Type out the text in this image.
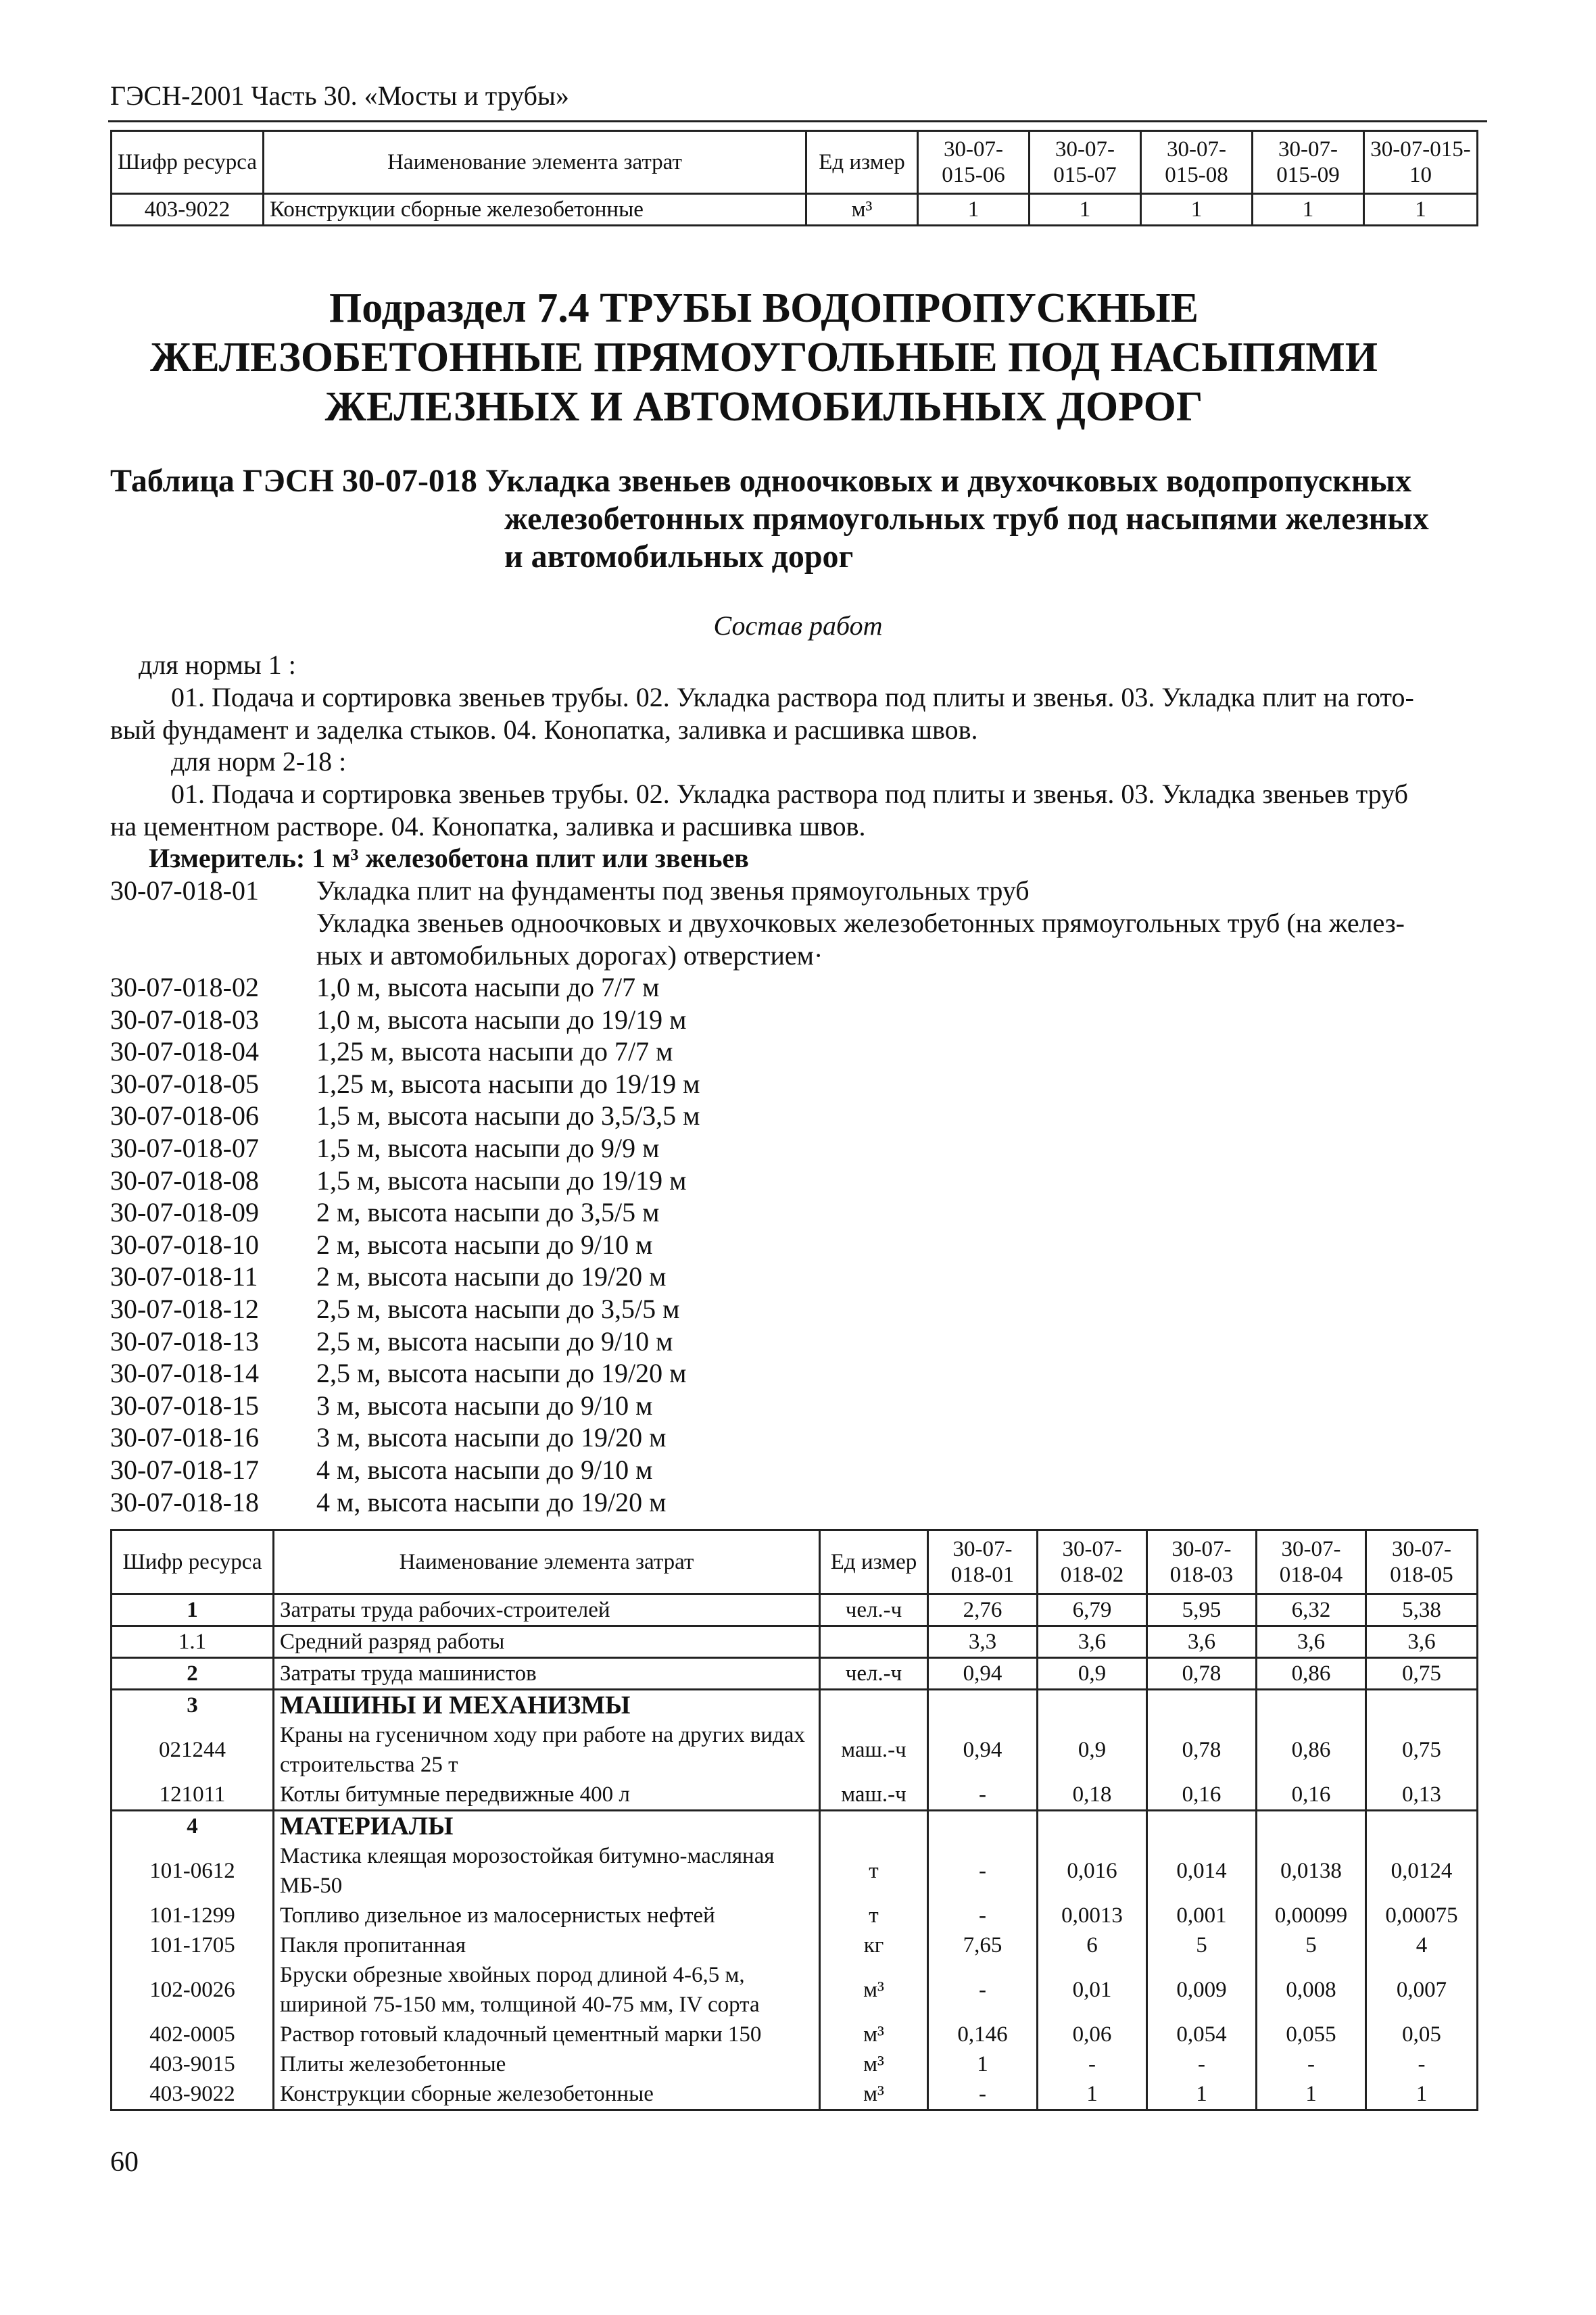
ГЭСН-2001 Часть 30. «Мосты и трубы»
Шифр ресурса	Наименование элемента затрат	Ед измер	30-07-015-06	30-07-015-07	30-07-015-08	30-07-015-09	30-07-015-10
403-9022	Конструкции сборные железобетонные	м³	1	1	1	1	1
Подраздел 7.4 ТРУБЫ ВОДОПРОПУСКНЫЕ ЖЕЛЕЗОБЕТОННЫЕ ПРЯМОУГОЛЬНЫЕ ПОД НАСЫПЯМИ ЖЕЛЕЗНЫХ И АВТОМОБИЛЬНЫХ ДОРОГ
Таблица ГЭСН 30-07-018 Укладка звеньев одноочковых и двухочковых водопропускных
железобетонных прямоугольных труб под насыпями железных
и автомобильных дорог
Состав работ
для нормы 1 :
01. Подача и сортировка звеньев трубы. 02. Укладка раствора под плиты и звенья. 03. Укладка плит на гото-
вый фундамент и заделка стыков. 04. Конопатка, заливка и расшивка швов.
для норм 2-18 :
01. Подача и сортировка звеньев трубы. 02. Укладка раствора под плиты и звенья. 03. Укладка звеньев труб
на цементном растворе. 04. Конопатка, заливка и расшивка швов.
Измеритель: 1 м³ железобетона плит или звеньев
30-07-018-01 Укладка плит на фундаменты под звенья прямоугольных труб
Укладка звеньев одноочковых и двухочковых железобетонных прямоугольных труб (на желез-
ных и автомобильных дорогах) отверстием·
30-07-018-02 1,0 м, высота насыпи до 7/7 м
30-07-018-03 1,0 м, высота насыпи до 19/19 м
30-07-018-04 1,25 м, высота насыпи до 7/7 м
30-07-018-05 1,25 м, высота насыпи до 19/19 м
30-07-018-06 1,5 м, высота насыпи до 3,5/3,5 м
30-07-018-07 1,5 м, высота насыпи до 9/9 м
30-07-018-08 1,5 м, высота насыпи до 19/19 м
30-07-018-09 2 м, высота насыпи до 3,5/5 м
30-07-018-10 2 м, высота насыпи до 9/10 м
30-07-018-11 2 м, высота насыпи до 19/20 м
30-07-018-12 2,5 м, высота насыпи до 3,5/5 м
30-07-018-13 2,5 м, высота насыпи до 9/10 м
30-07-018-14 2,5 м, высота насыпи до 19/20 м
30-07-018-15 3 м, высота насыпи до 9/10 м
30-07-018-16 3 м, высота насыпи до 19/20 м
30-07-018-17 4 м, высота насыпи до 9/10 м
30-07-018-18 4 м, высота насыпи до 19/20 м
Шифр ресурса	Наименование элемента затрат	Ед измер	30-07-018-01	30-07-018-02	30-07-018-03	30-07-018-04	30-07-018-05
1	Затраты труда рабочих-строителей	чел.-ч	2,76	6,79	5,95	6,32	5,38
1.1	Средний разряд работы		3,3	3,6	3,6	3,6	3,6
2	Затраты труда машинистов	чел.-ч	0,94	0,9	0,78	0,86	0,75
3	МАШИНЫ И МЕХАНИЗМЫ						
021244	Краны на гусеничном ходу при работе на других видах строительства 25 т	маш.-ч	0,94	0,9	0,78	0,86	0,75
121011	Котлы битумные передвижные 400 л	маш.-ч	-	0,18	0,16	0,16	0,13
4	МАТЕРИАЛЫ						
101-0612	Мастика клеящая морозостойкая битумно-масляная МБ-50	т	-	0,016	0,014	0,0138	0,0124
101-1299	Топливо дизельное из малосернистых нефтей	т	-	0,0013	0,001	0,00099	0,00075
101-1705	Пакля пропитанная	кг	7,65	6	5	5	4
102-0026	Бруски обрезные хвойных пород длиной 4-6,5 м, шириной 75-150 мм, толщиной 40-75 мм, IV сорта	м³	-	0,01	0,009	0,008	0,007
402-0005	Раствор готовый кладочный цементный марки 150	м³	0,146	0,06	0,054	0,055	0,05
403-9015	Плиты железобетонные	м³	1	-	-	-	-
403-9022	Конструкции сборные железобетонные	м³	-	1	1	1	1
60
